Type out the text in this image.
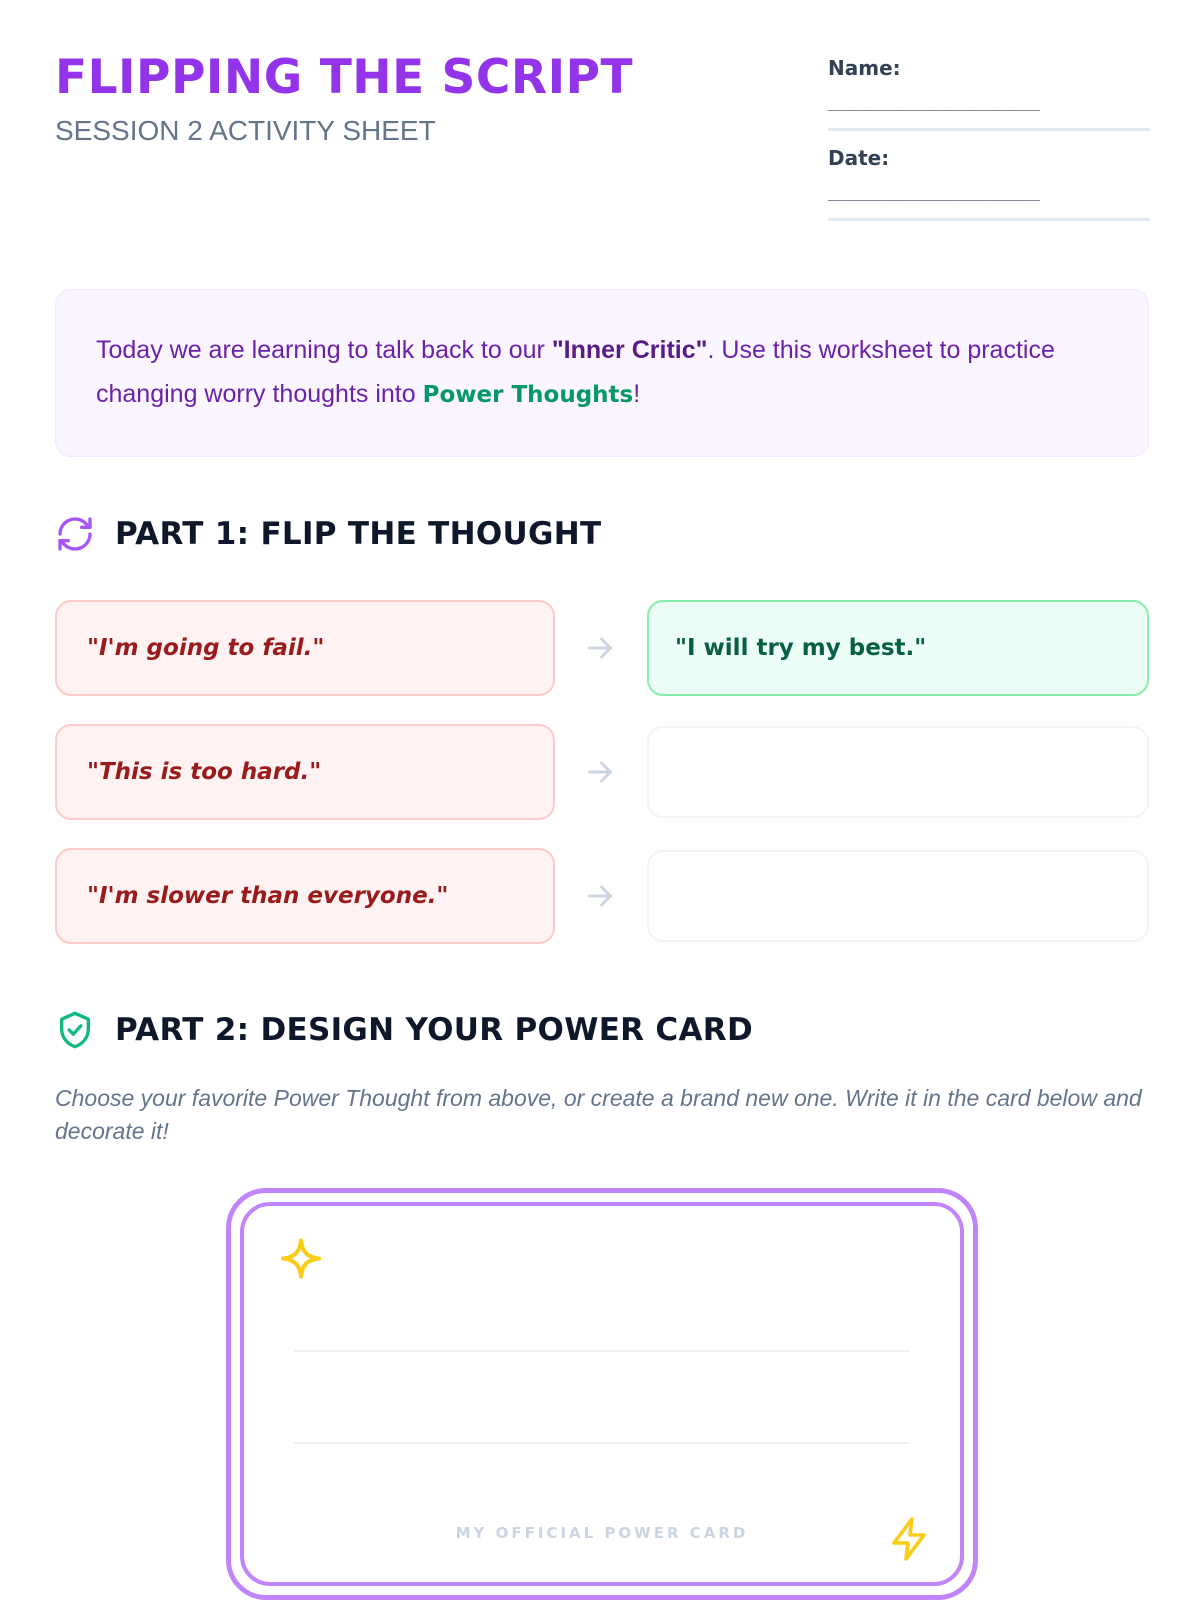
FLIPPING THE SCRIPT
SESSION 2 ACTIVITY SHEET
Name:
______________________
Date:
______________________
Today we are learning to talk back to our "Inner Critic". Use this worksheet to practice changing worry thoughts into Power Thoughts!
PART 1: FLIP THE THOUGHT
"I'm going to fail."	"I will try my best."
"This is too hard."
"I'm slower than everyone."
PART 2: DESIGN YOUR POWER CARD

Choose your favorite Power Thought from above, or create a brand new one. Write it in the card below and decorate it!

MY OFFICIAL POWER CARD
